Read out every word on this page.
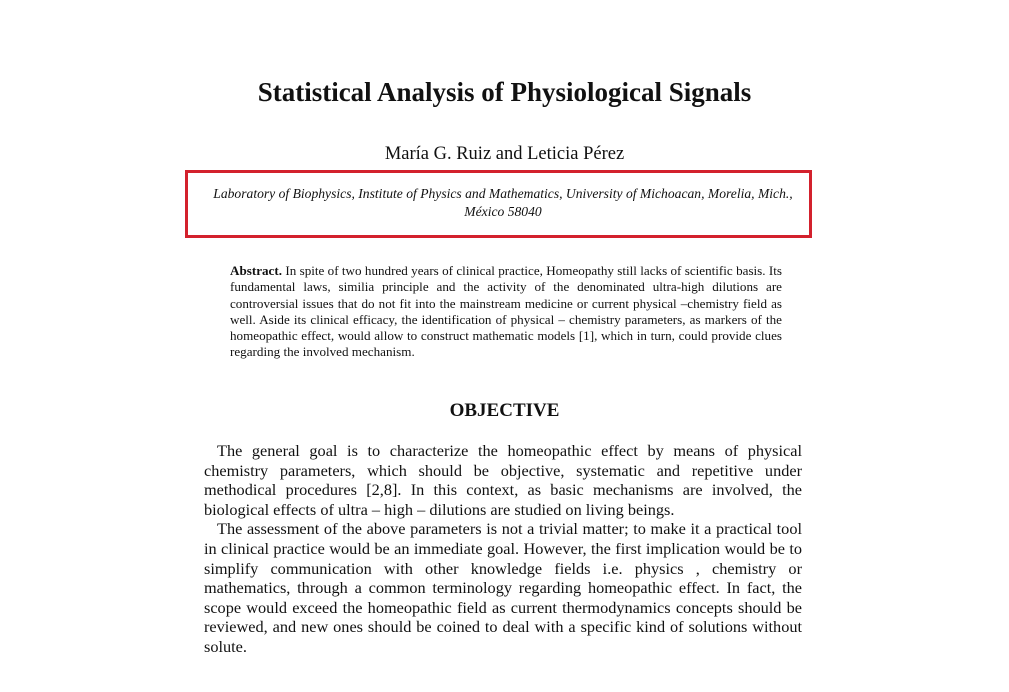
Statistical Analysis of Physiological Signals
María G. Ruiz and Leticia Pérez
Laboratory of Biophysics, Institute of Physics and Mathematics, University of Michoacan, Morelia, Mich., México 58040
Abstract. In spite of two hundred years of clinical practice, Homeopathy still lacks of scientific basis. Its fundamental laws, similia principle and the activity of the denominated ultra-high dilutions are controversial issues that do not fit into the mainstream medicine or current physical –chemistry field as well. Aside its clinical efficacy, the identification of physical – chemistry parameters, as markers of the homeopathic effect, would allow to construct mathematic models [1], which in turn, could provide clues regarding the involved mechanism.
OBJECTIVE

The general goal is to characterize the homeopathic effect by means of physical chemistry parameters, which should be objective, systematic and repetitive under methodical procedures [2,8]. In this context, as basic mechanisms are involved, the biological effects of ultra – high – dilutions are studied on living beings.

The assessment of the above parameters is not a trivial matter; to make it a practical tool in clinical practice would be an immediate goal. However, the first implication would be to simplify communication with other knowledge fields i.e. physics , chemistry or mathematics, through a common terminology regarding homeopathic effect. In fact, the scope would exceed the homeopathic field as current thermodynamics concepts should be reviewed, and new ones should be coined to deal with a specific kind of solutions without solute.
